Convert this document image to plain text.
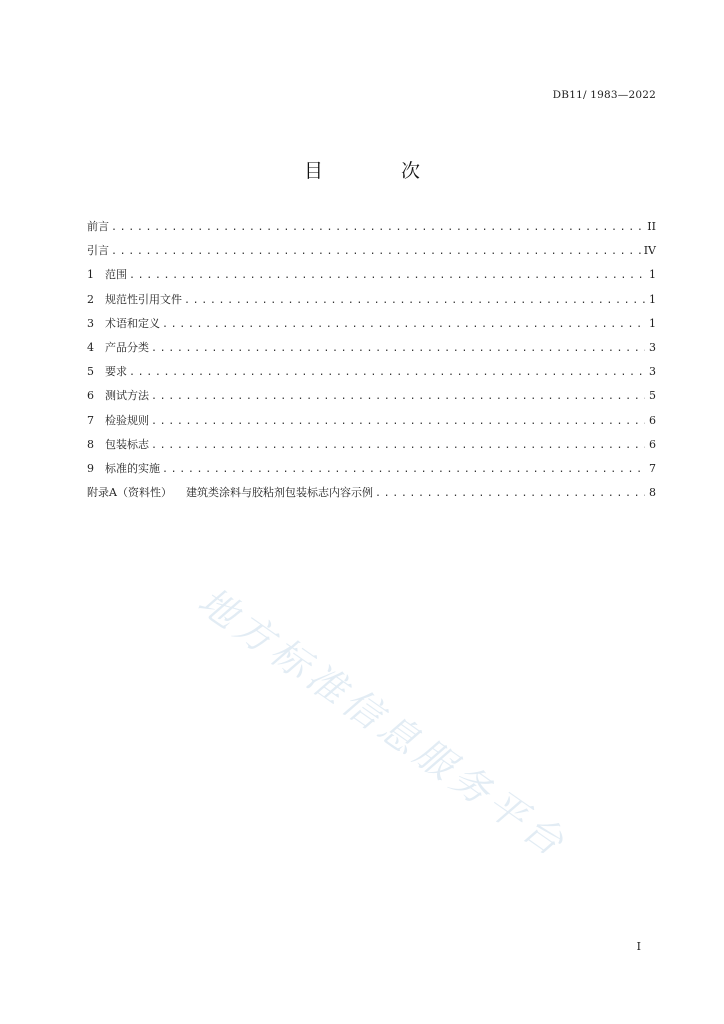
DB11/ 1983—2022
目 次
前言 .....	II
引言 .....	IV
1	范围 .....	1
2	规范性引用文件 .....	1
3	术语和定义 .....	1
4	产品分类 .....	3
5	要求 .....	3
6	测试方法 .....	5
7	检验规则 .....	6
8	包装标志 .....	6
9	标准的实施 .....	7
附录A（资料性） 建筑类涂料与胶粘剂包装标志内容示例 .....	8
地方标准信息服务平台
I
